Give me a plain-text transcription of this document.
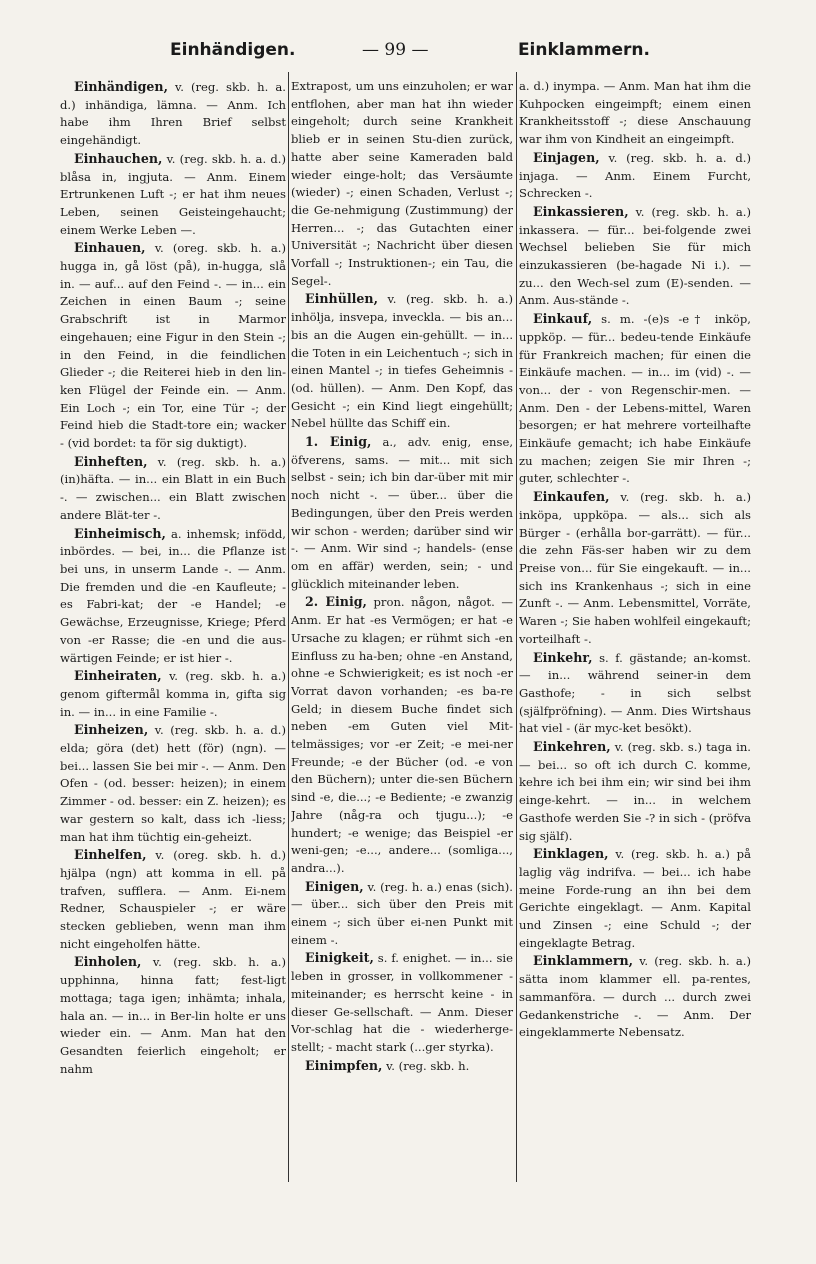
Einhändigen.	— 99 —	Einklammern.

Einhändigen, v. (reg. skb. h. a. d.) inhändiga, lämna. — Anm. Ich habe ihm Ihren Brief selbst eingehändigt.

Einhauchen, v. (reg. skb. h. a. d.) blåsa in, ingjuta. — Anm. Einem Ertrunkenen Luft -; er hat ihm neues Leben, seinen Geisteingehaucht; einem Werke Leben —.

Einhauen, v. (oreg. skb. h. a.) hugga in, gå löst (på), in-hugga, slå in. — auf... auf den Feind -. — in... ein Zeichen in einen Baum -; seine Grabschrift ist in Marmor eingehauen; eine Figur in den Stein -; in den Feind, in die feindlichen Glieder -; die Reiterei hieb in den lin-ken Flügel der Feinde ein. — Anm. Ein Loch -; ein Tor, eine Tür -; der Feind hieb die Stadt-tore ein; wacker - (vid bordet: ta för sig duktigt).

Einheften, v. (reg. skb. h. a.) (in)häfta. — in... ein Blatt in ein Buch -. — zwischen... ein Blatt zwischen andere Blät-ter -.

Einheimisch, a. inhemsk; infödd, inbördes. — bei, in... die Pflanze ist bei uns, in unserm Lande -. — Anm. Die fremden und die -en Kaufleute; -es Fabri-kat; der -e Handel; -e Gewächse, Erzeugnisse, Kriege; Pferd von -er Rasse; die -en und die aus-wärtigen Feinde; er ist hier -.

Einheiraten, v. (reg. skb. h. a.) genom giftermål komma in, gifta sig in. — in... in eine Familie -.

Einheizen, v. (reg. skb. h. a. d.) elda; göra (det) hett (för) (ngn). — bei... lassen Sie bei mir -. — Anm. Den Ofen - (od. besser: heizen); in einem Zimmer - od. besser: ein Z. heizen); es war gestern so kalt, dass ich -liess; man hat ihm tüchtig ein-geheizt.

Einhelfen, v. (oreg. skb. h. d.) hjälpa (ngn) att komma in ell. på trafven, sufflera. — Anm. Ei-nem Redner, Schauspieler -; er wäre stecken geblieben, wenn man ihm nicht eingeholfen hätte.

Einholen, v. (reg. skb. h. a.) upphinna, hinna fatt; fest-ligt mottaga; taga igen; inhämta; inhala, hala an. — in... in Ber-lin holte er uns wieder ein. — Anm. Man hat den Gesandten feierlich eingeholt; er nahm

Extrapost, um uns einzuholen; er war entflohen, aber man hat ihn wieder eingeholt; durch seine Krankheit blieb er in seinen Stu-dien zurück, hatte aber seine Kameraden bald wieder einge-holt; das Versäumte (wieder) -; einen Schaden, Verlust -; die Ge-nehmigung (Zustimmung) der Herren... -; das Gutachten einer Universität -; Nachricht über diesen Vorfall -; Instruktionen-; ein Tau, die Segel-.

Einhüllen, v. (reg. skb. h. a.) inhölja, insvepa, inveckla. — bis an... bis an die Augen ein-gehüllt. — in... die Toten in ein Leichentuch -; sich in einen Mantel -; in tiefes Geheimnis - (od. hüllen). — Anm. Den Kopf, das Gesicht -; ein Kind liegt eingehüllt; Nebel hüllte das Schiff ein.

1. Einig, a., adv. enig, ense, öfverens, sams. — mit... mit sich selbst - sein; ich bin dar-über mit mir noch nicht -. — über... über die Bedingungen, über den Preis werden wir schon - werden; darüber sind wir -. — Anm. Wir sind -; handels- (ense om en affär) werden, sein; - und glücklich miteinander leben.

2. Einig, pron. någon, något. — Anm. Er hat -es Vermögen; er hat -e Ursache zu klagen; er rühmt sich -en Einfluss zu ha-ben; ohne -en Anstand, ohne -e Schwierigkeit; es ist noch -er Vorrat davon vorhanden; -es ba-re Geld; in diesem Buche findet sich neben -em Guten viel Mit-telmässiges; vor -er Zeit; -e mei-ner Freunde; -e der Bücher (od. -e von den Büchern); unter die-sen Büchern sind -e, die...; -e Bediente; -e zwanzig Jahre (någ-ra och tjugu...); -e hundert; -e wenige; das Beispiel -er weni-gen; -e..., andere... (somliga..., andra...).

Einigen, v. (reg. h. a.) enas (sich). — über... sich über den Preis mit einem -; sich über ei-nen Punkt mit einem -.

Einigkeit, s. f. enighet. — in... sie leben in grosser, in vollkommener - miteinander; es herrscht keine - in dieser Ge-sellschaft. — Anm. Dieser Vor-schlag hat die - wiederherge-stellt; - macht stark (...ger styrka).

Einimpfen, v. (reg. skb. h.

a. d.) inympa. — Anm. Man hat ihm die Kuhpocken eingeimpft; einem einen Krankheitsstoff -; diese Anschauung war ihm von Kindheit an eingeimpft.

Einjagen, v. (reg. skb. h. a. d.) injaga. — Anm. Einem Furcht, Schrecken -.

Einkassieren, v. (reg. skb. h. a.) inkassera. — für... bei-folgende zwei Wechsel belieben Sie für mich einzukassieren (be-hagade Ni i.). — zu... den Wech-sel zum (E)-senden. — Anm. Aus-stände -.

Einkauf, s. m. -(e)s -e† inköp, uppköp. — für... bedeu-tende Einkäufe für Frankreich machen; für einen die Einkäufe machen. — in... im (vid) -. — von... der - von Regenschir-men. — Anm. Den - der Lebens-mittel, Waren besorgen; er hat mehrere vorteilhafte Einkäufe gemacht; ich habe Einkäufe zu machen; zeigen Sie mir Ihren -; guter, schlechter -.

Einkaufen, v. (reg. skb. h. a.) inköpa, uppköpa. — als... sich als Bürger - (erhålla bor-garrätt). — für... die zehn Fäs-ser haben wir zu dem Preise von... für Sie eingekauft. — in... sich ins Krankenhaus -; sich in eine Zunft -. — Anm. Lebensmittel, Vorräte, Waren -; Sie haben wohlfeil eingekauft; vorteilhaft -.

Einkehr, s. f. gästande; an-komst. — in... während seiner-in dem Gasthofe; - in sich selbst (själfpröfning). — Anm. Dies Wirtshaus hat viel - (är myc-ket besökt).

Einkehren, v. (reg. skb. s.) taga in. — bei... so oft ich durch C. komme, kehre ich bei ihm ein; wir sind bei ihm einge-kehrt. — in... in welchem Gasthofe werden Sie -? in sich - (pröfva sig själf).

Einklagen, v. (reg. skb. h. a.) på laglig väg indrifva. — bei... ich habe meine Forde-rung an ihn bei dem Gerichte eingeklagt. — Anm. Kapital und Zinsen -; eine Schuld -; der eingeklagte Betrag.

Einklammern, v. (reg. skb. h. a.) sätta inom klammer ell. pa-rentes, sammanföra. — durch ... durch zwei Gedankenstriche -. — Anm. Der eingeklammerte Nebensatz.
